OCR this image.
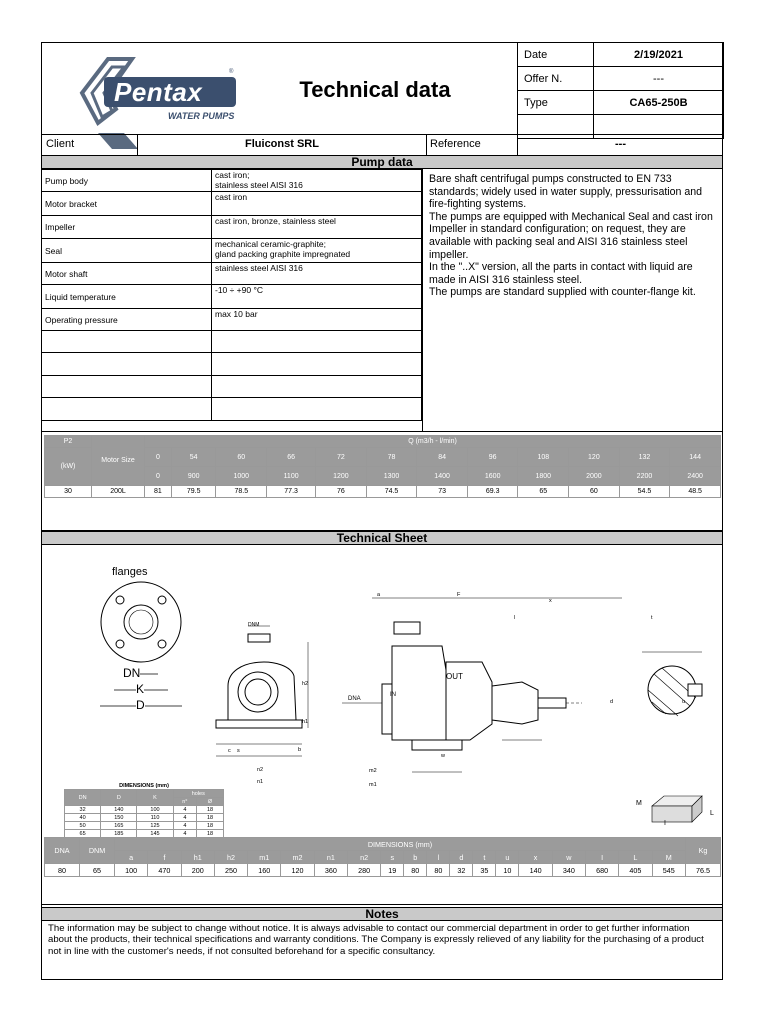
Pentax
®
WATER PUMPS
Technical data
Date	2/19/2021
Offer N.	---
Type	CA65-250B

Client	Fluiconst SRL	Reference	---
Pump data
Pump body	cast iron;
stainless steel AISI 316
Motor bracket	cast iron
Impeller	cast iron, bronze, stainless steel
Seal	mechanical ceramic-graphite;
gland packing graphite impregnated
Motor shaft	stainless steel AISI 316
Liquid temperature	-10 ÷ +90 °C
Operating pressure	max 10 bar

Bare shaft centrifugal pumps constructed to EN 733 standards; widely used in water supply, pressurisation and fire-fighting systems.
The pumps are equipped with Mechanical Seal and cast iron Impeller in standard configuration; on request, they are available with packing seal and AISI 316 stainless steel impeller.
In the "..X" version, all the parts in contact with liquid are made in AISI 316 stainless steel.
The pumps are standard supplied with counter-flange kit.
P2	Motor Size	Q (m3/h - l/min)											
(kW)		0	54	60	66	72	78	84	96	108	120	132	144
		0	900	1000	1100	1200	1300	1400	1600	1800	2000	2200	2400
30	200L	81	79.5	78.5	77.3	76	74.5	73	69.3	65	60	54.5	48.5
Technical Sheet
flanges
DN
K
D
DIMENSIONS (mm)				
DN	D	K	holes	
			n°	Ø
32	140	100	4	18
40	150	110	4	18
50	165	125	4	18
65	185	145	4	18

DNM
OUT
IN
DNA
M
L
I
DNA	DNM	DIMENSIONS (mm)																			Kg
		a	f	h1	h2	m1	m2	n1	n2	s	b	l	d	t	u	x	w	I	L	M	
80	65	100	470	200	250	160	120	360	280	19	80	80	32	35	10	140	340	680	405	545	76.5
Notes
The information may be subject to change without notice. It is always advisable to contact our commercial department in order to get further information about the products, their technical specifications and warranty conditions. The Company is expressly relieved of any liability for the purchasing of a product not in line with the customer's needs, if not consulted beforehand for a specific consultancy.
a	F
l
x
t
u
d
h1
h2
s
m2
m1
n2
n1
w
b
c
